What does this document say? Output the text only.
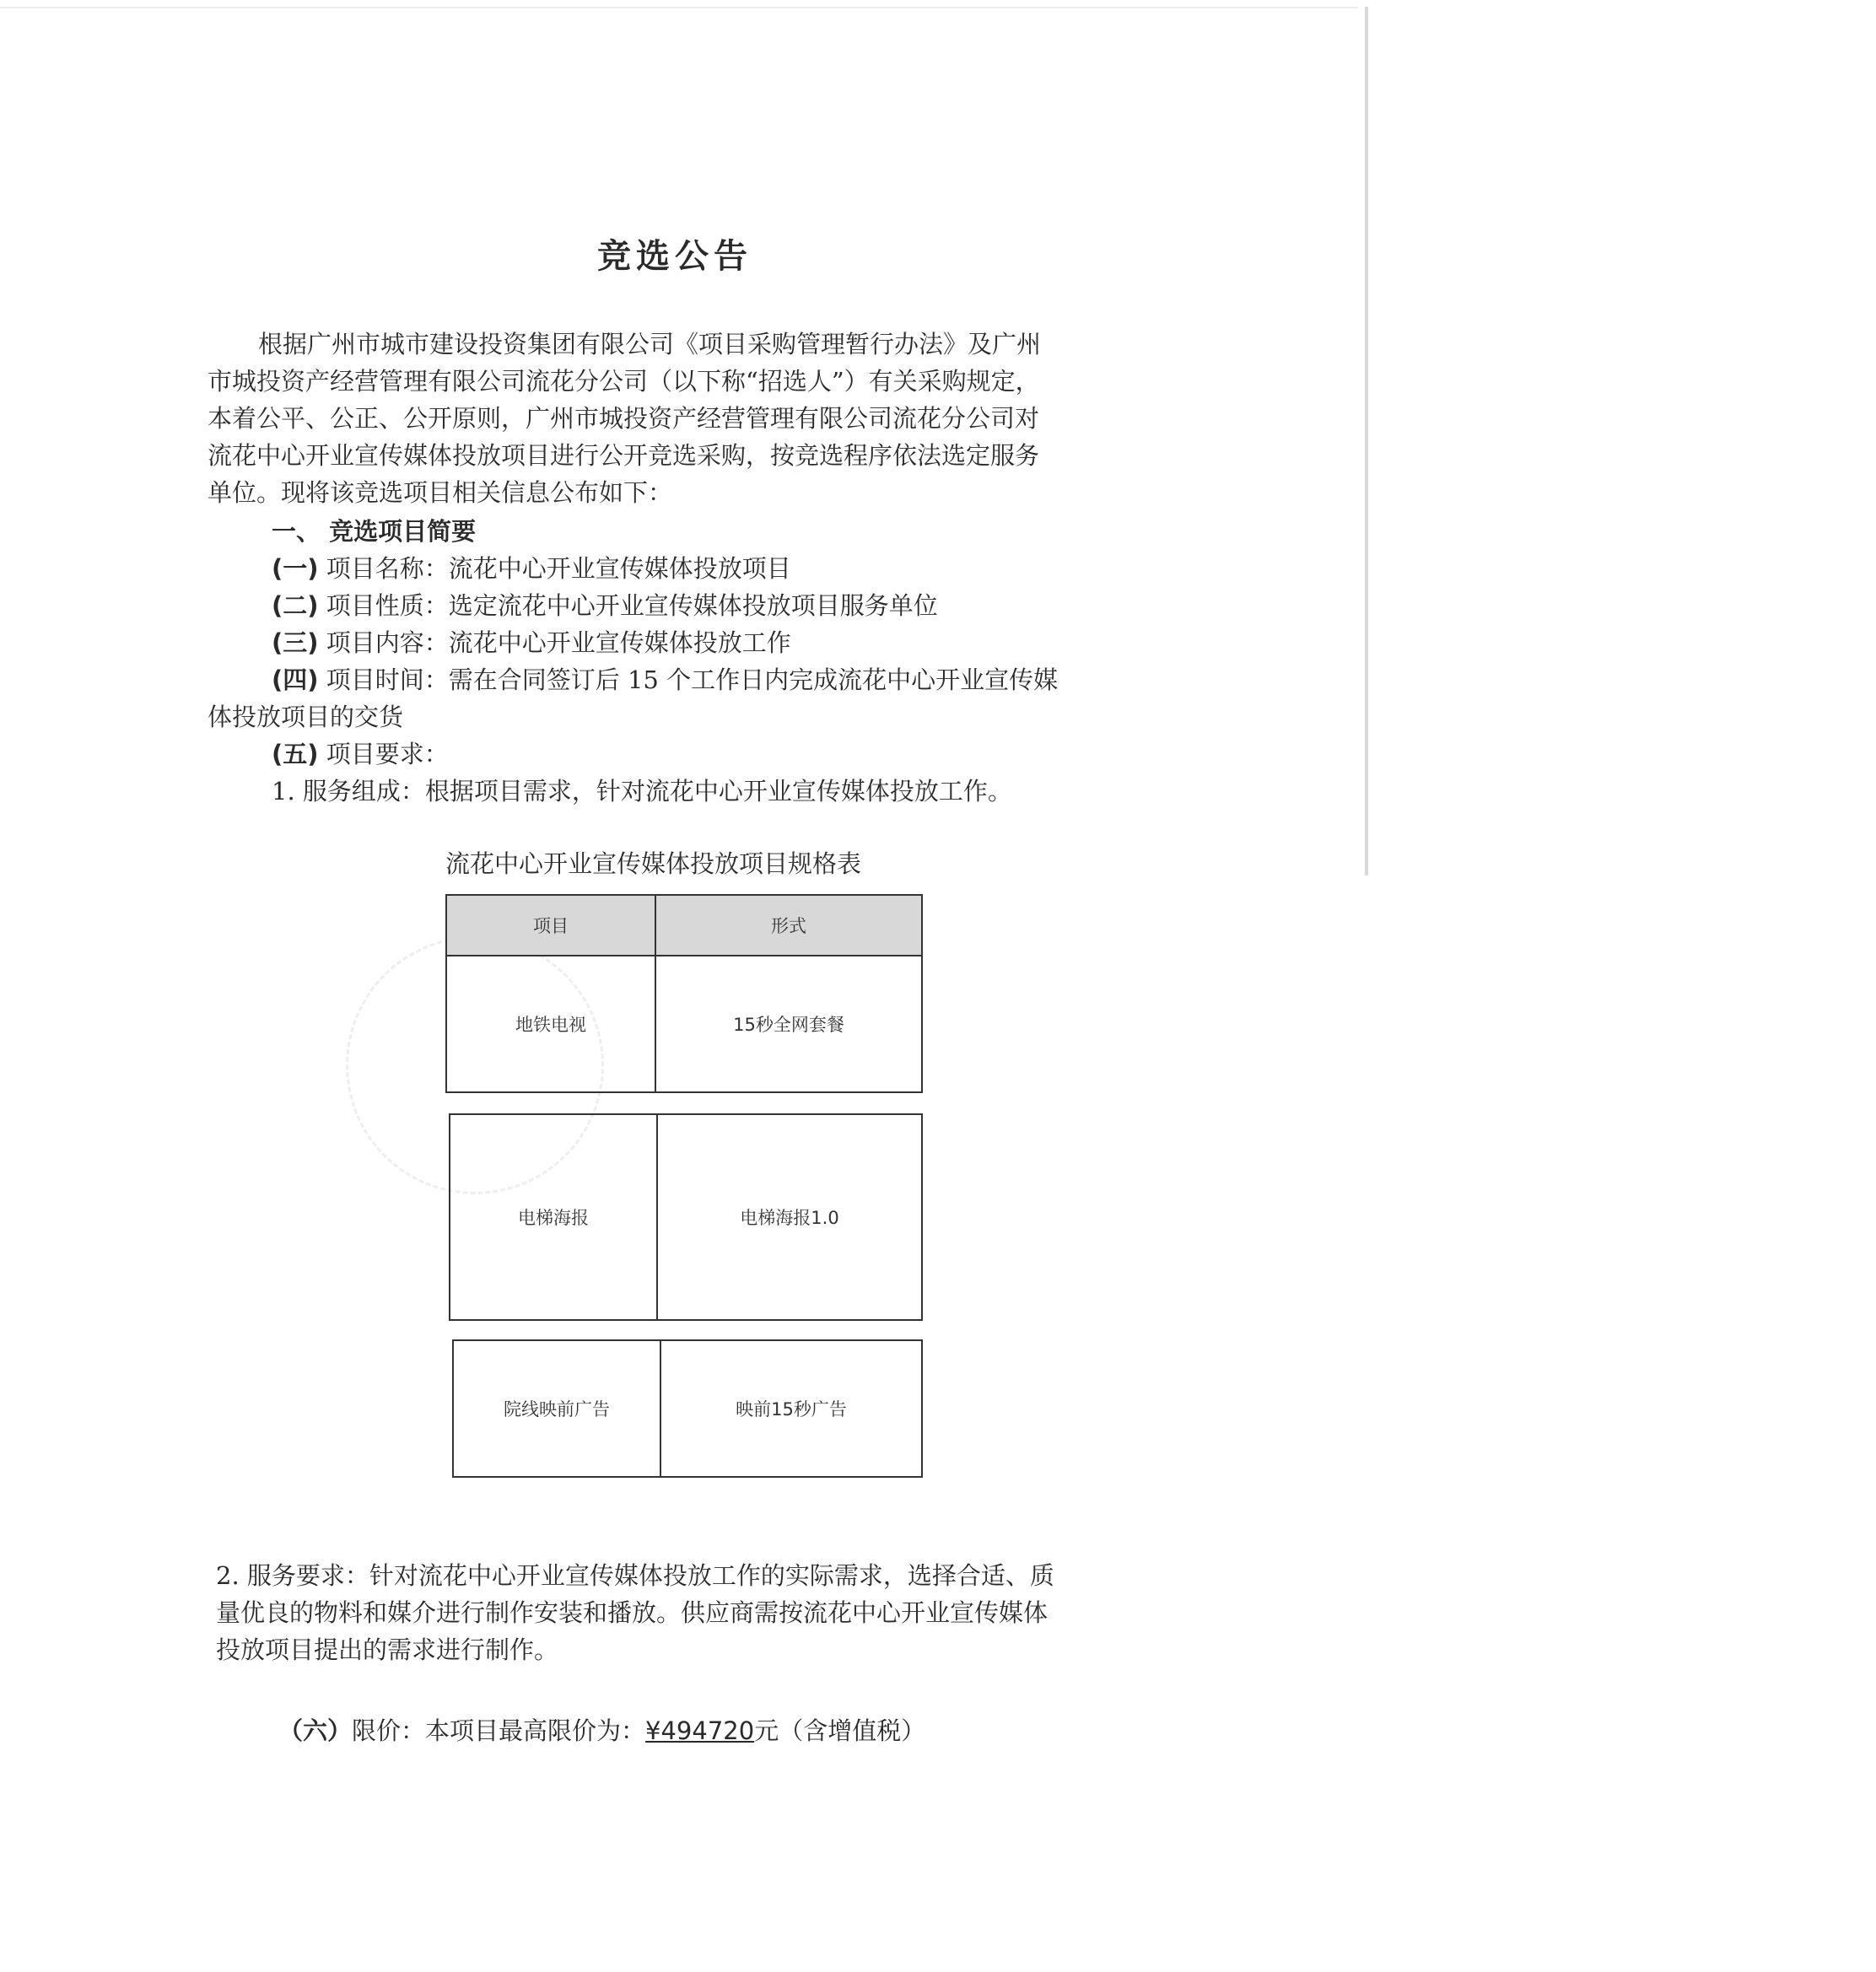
竞选公告
根据广州市城市建设投资集团有限公司《项目采购管理暂行办法》及广州
市城投资产经营管理有限公司流花分公司（以下称“招选人”）有关采购规定，
本着公平、公正、公开原则，广州市城投资产经营管理有限公司流花分公司对
流花中心开业宣传媒体投放项目进行公开竞选采购，按竞选程序依法选定服务
单位。现将该竞选项目相关信息公布如下：
一、 竞选项目简要
(一) 项目名称：流花中心开业宣传媒体投放项目
(二) 项目性质：选定流花中心开业宣传媒体投放项目服务单位
(三) 项目内容：流花中心开业宣传媒体投放工作
(四) 项目时间：需在合同签订后 15 个工作日内完成流花中心开业宣传媒
体投放项目的交货
(五) 项目要求：
1. 服务组成：根据项目需求，针对流花中心开业宣传媒体投放工作。
流花中心开业宣传媒体投放项目规格表
项目	形式
地铁电视	15秒全网套餐
电梯海报	电梯海报1.0
院线映前广告	映前15秒广告
2. 服务要求：针对流花中心开业宣传媒体投放工作的实际需求，选择合适、质
量优良的物料和媒介进行制作安装和播放。供应商需按流花中心开业宣传媒体
投放项目提出的需求进行制作。
（六）限价：本项目最高限价为：¥494720元（含增值税）
